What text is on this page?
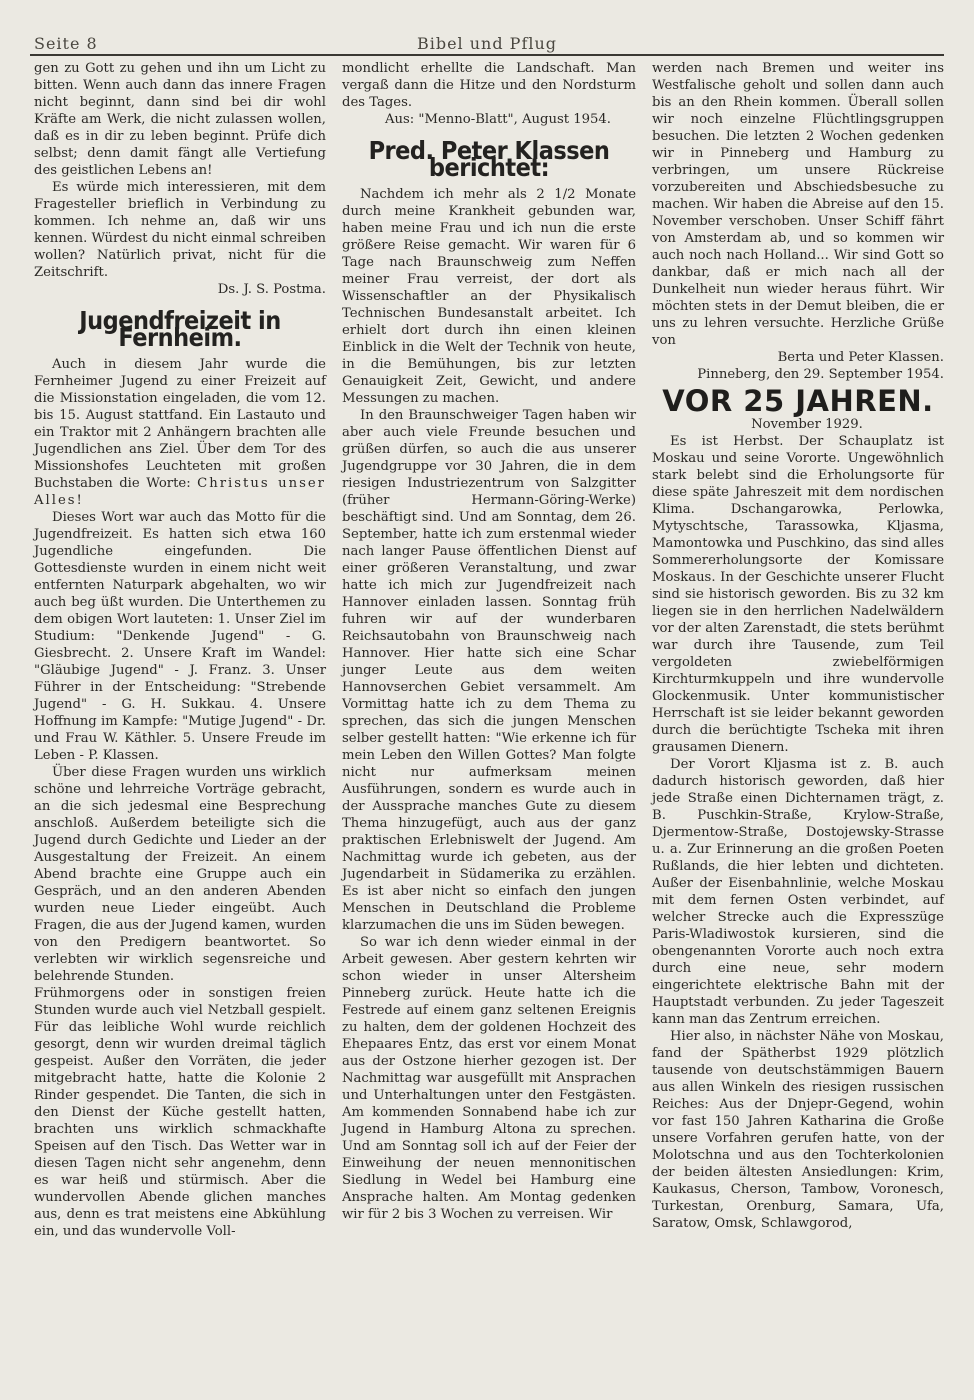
Seite 8	Bibel und Pflug

gen zu Gott zu gehen und ihn um Licht zu bitten. Wenn auch dann das innere Fragen nicht beginnt, dann sind bei dir wohl Kräfte am Werk, die nicht zulassen wollen, daß es in dir zu leben beginnt. Prüfe dich selbst; denn damit fängt alle Vertiefung des geistlichen Lebens an!

Es würde mich interessieren, mit dem Fragesteller brieflich in Verbindung zu kommen. Ich nehme an, daß wir uns kennen. Würdest du nicht einmal schreiben wollen? Natürlich privat, nicht für die Zeitschrift.

Ds. J. S. Postma.

Jugendfreizeit in Fernheim.

Auch in diesem Jahr wurde die Fernheimer Jugend zu einer Freizeit auf die Missionstation eingeladen, die vom 12. bis 15. August stattfand. Ein Lastauto und ein Traktor mit 2 Anhängern brachten alle Jugendlichen ans Ziel. Über dem Tor des Missionshofes Leuchteten mit großen Buchstaben die Worte: Christus unser Alles!

Dieses Wort war auch das Motto für die Jugendfreizeit. Es hatten sich etwa 160 Jugendliche eingefunden. Die Gottesdienste wurden in einem nicht weit entfernten Naturpark abgehalten, wo wir auch beg üßt wurden. Die Unterthemen zu dem obigen Wort lauteten: 1. Unser Ziel im Studium: "Denkende Jugend" - G. Giesbrecht. 2. Unsere Kraft im Wandel: "Gläubige Jugend" - J. Franz. 3. Unser Führer in der Entscheidung: "Strebende Jugend" - G. H. Sukkau. 4. Unsere Hoffnung im Kampfe: "Mutige Jugend" - Dr. und Frau W. Käthler. 5. Unsere Freude im Leben - P. Klassen.

Über diese Fragen wurden uns wirklich schöne und lehrreiche Vorträge gebracht, an die sich jedesmal eine Besprechung anschloß. Außerdem beteiligte sich die Jugend durch Gedichte und Lieder an der Ausgestaltung der Freizeit. An einem Abend brachte eine Gruppe auch ein Gespräch, und an den anderen Abenden wurden neue Lieder eingeübt. Auch Fragen, die aus der Jugend kamen, wurden von den Predigern beantwortet. So verlebten wir wirklich segensreiche und belehrende Stunden.

Frühmorgens oder in sonstigen freien Stunden wurde auch viel Netzball gespielt. Für das leibliche Wohl wurde reichlich gesorgt, denn wir wurden dreimal täglich gespeist. Außer den Vorräten, die jeder mitgebracht hatte, hatte die Kolonie 2 Rinder gespendet. Die Tanten, die sich in den Dienst der Küche gestellt hatten, brachten uns wirklich schmackhafte Speisen auf den Tisch. Das Wetter war in diesen Tagen nicht sehr angenehm, denn es war heiß und stürmisch. Aber die wundervollen Abende glichen manches aus, denn es trat meistens eine Abkühlung ein, und das wundervolle Voll-

mondlicht erhellte die Landschaft. Man vergaß dann die Hitze und den Nordsturm des Tages.

Aus: "Menno-Blatt", August 1954.

Pred. Peter Klassen berichtet:

Nachdem ich mehr als 2 1/2 Monate durch meine Krankheit gebunden war, haben meine Frau und ich nun die erste größere Reise gemacht. Wir waren für 6 Tage nach Braunschweig zum Neffen meiner Frau verreist, der dort als Wissenschaftler an der Physikalisch Technischen Bundesanstalt arbeitet. Ich erhielt dort durch ihn einen kleinen Einblick in die Welt der Technik von heute, in die Bemühungen, bis zur letzten Genauigkeit Zeit, Gewicht, und andere Messungen zu machen.

In den Braunschweiger Tagen haben wir aber auch viele Freunde besuchen und grüßen dürfen, so auch die aus unserer Jugendgruppe vor 30 Jahren, die in dem riesigen Industriezentrum von Salzgitter (früher Hermann-Göring-Werke) beschäftigt sind. Und am Sonntag, dem 26. September, hatte ich zum erstenmal wieder nach langer Pause öffentlichen Dienst auf einer größeren Veranstaltung, und zwar hatte ich mich zur Jugendfreizeit nach Hannover einladen lassen. Sonntag früh fuhren wir auf der wunderbaren Reichsautobahn von Braunschweig nach Hannover. Hier hatte sich eine Schar junger Leute aus dem weiten Hannovserchen Gebiet versammelt. Am Vormittag hatte ich zu dem Thema zu sprechen, das sich die jungen Menschen selber gestellt hatten: "Wie erkenne ich für mein Leben den Willen Gottes? Man folgte nicht nur aufmerksam meinen Ausführungen, sondern es wurde auch in der Aussprache manches Gute zu diesem Thema hinzugefügt, auch aus der ganz praktischen Erlebniswelt der Jugend. Am Nachmittag wurde ich gebeten, aus der Jugendarbeit in Südamerika zu erzählen. Es ist aber nicht so einfach den jungen Menschen in Deutschland die Probleme klarzumachen die uns im Süden bewegen.

So war ich denn wieder einmal in der Arbeit gewesen. Aber gestern kehrten wir schon wieder in unser Altersheim Pinneberg zurück. Heute hatte ich die Festrede auf einem ganz seltenen Ereignis zu halten, dem der goldenen Hochzeit des Ehepaares Entz, das erst vor einem Monat aus der Ostzone hierher gezogen ist. Der Nachmittag war ausgefüllt mit Ansprachen und Unterhaltungen unter den Festgästen. Am kommenden Sonnabend habe ich zur Jugend in Hamburg Altona zu sprechen. Und am Sonntag soll ich auf der Feier der Einweihung der neuen mennonitischen Siedlung in Wedel bei Hamburg eine Ansprache halten. Am Montag gedenken wir für 2 bis 3 Wochen zu verreisen. Wir

werden nach Bremen und weiter ins Westfalische geholt und sollen dann auch bis an den Rhein kommen. Überall sollen wir noch einzelne Flüchtlingsgruppen besuchen. Die letzten 2 Wochen gedenken wir in Pinneberg und Hamburg zu verbringen, um unsere Rückreise vorzubereiten und Abschiedsbesuche zu machen. Wir haben die Abreise auf den 15. November verschoben. Unser Schiff fährt von Amsterdam ab, und so kommen wir auch noch nach Holland... Wir sind Gott so dankbar, daß er mich nach all der Dunkelheit nun wieder heraus führt. Wir möchten stets in der Demut bleiben, die er uns zu lehren versuchte. Herzliche Grüße von

Berta und Peter Klassen.

Pinneberg, den 29. September 1954.

VOR 25 JAHREN.

November 1929.

Es ist Herbst. Der Schauplatz ist Moskau und seine Vororte. Ungewöhnlich stark belebt sind die Erholungsorte für diese späte Jahreszeit mit dem nordischen Klima. Dschangarowka, Perlowka, Mytyschtsche, Tarassowka, Kljasma, Mamontowka und Puschkino, das sind alles Sommererholungsorte der Komissare Moskaus. In der Geschichte unserer Flucht sind sie historisch geworden. Bis zu 32 km liegen sie in den herrlichen Nadelwäldern vor der alten Zarenstadt, die stets berühmt war durch ihre Tausende, zum Teil vergoldeten zwiebelförmigen Kirchturmkuppeln und ihre wundervolle Glockenmusik. Unter kommunistischer Herrschaft ist sie leider bekannt geworden durch die berüchtigte Tscheka mit ihren grausamen Dienern.

Der Vorort Kljasma ist z. B. auch dadurch historisch geworden, daß hier jede Straße einen Dichternamen trägt, z. B. Puschkin-Straße, Krylow-Straße, Djermentow-Straße, Dostojewsky-Strasse u. a. Zur Erinnerung an die großen Poeten Rußlands, die hier lebten und dichteten. Außer der Eisenbahnlinie, welche Moskau mit dem fernen Osten verbindet, auf welcher Strecke auch die Expresszüge Paris-Wladiwostok kursieren, sind die obengenannten Vororte auch noch extra durch eine neue, sehr modern eingerichtete elektrische Bahn mit der Hauptstadt verbunden. Zu jeder Tageszeit kann man das Zentrum erreichen.

Hier also, in nächster Nähe von Moskau, fand der Spätherbst 1929 plötzlich tausende von deutschstämmigen Bauern aus allen Winkeln des riesigen russischen Reiches: Aus der Dnjepr-Gegend, wohin vor fast 150 Jahren Katharina die Große unsere Vorfahren gerufen hatte, von der Molotschna und aus den Tochterkolonien der beiden ältesten Ansiedlungen: Krim, Kaukasus, Cherson, Tambow, Voronesch, Turkestan, Orenburg, Samara, Ufa, Saratow, Omsk, Schlawgorod,
